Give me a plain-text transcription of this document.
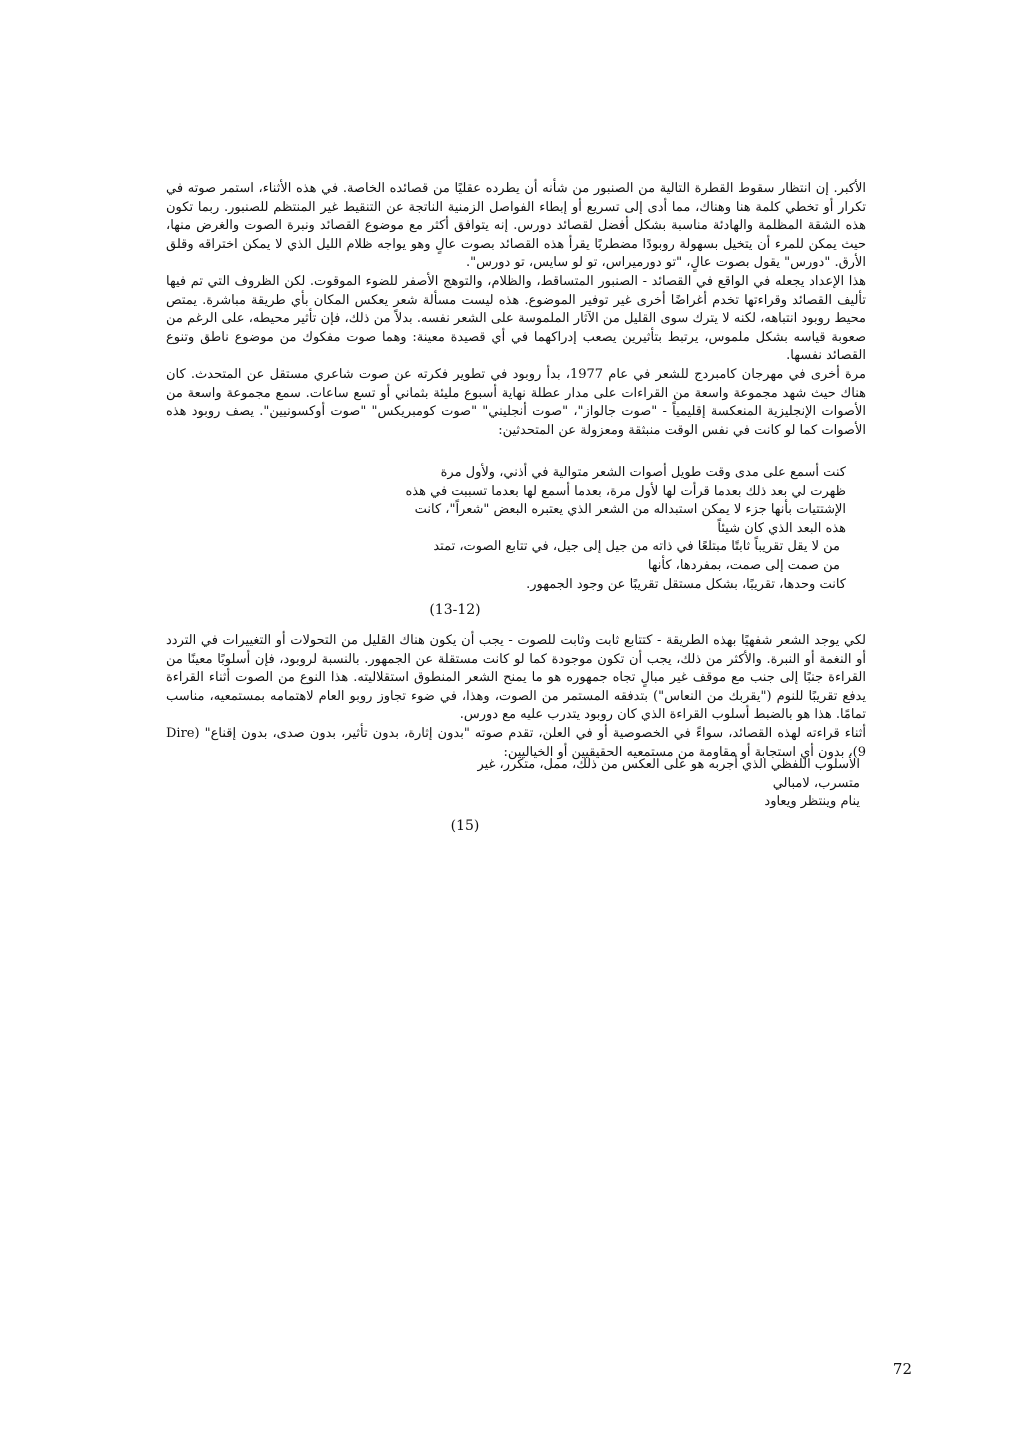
الأكبر. إن انتظار سقوط القطرة التالية من الصنبور من شأنه أن يطرده عقليًا من قصائده الخاصة. في هذه الأثناء، استمر صوته في تكرار أو تخطي كلمة هنا وهناك، مما أدى إلى تسريع أو إبطاء الفواصل الزمنية الناتجة عن التنقيط غير المنتظم للصنبور. ربما تكون هذه الشقة المظلمة والهادئة مناسبة بشكل أفضل لقصائد دورس. إنه يتوافق أكثر مع موضوع القصائد ونبرة الصوت والغرض منها، حيث يمكن للمرء أن يتخيل بسهولة روبودًا مضطربًا يقرأ هذه القصائد بصوت عالٍ وهو يواجه ظلام الليل الذي لا يمكن اختراقه وقلق الأرق. "دورس" يقول بصوت عالٍ، "تو دورميراس، تو لو سايس، تو دورس".

هذا الإعداد يجعله في الواقع في القصائد - الصنبور المتساقط، والظلام، والتوهج الأصفر للضوء الموقوت. لكن الظروف التي تم فيها تأليف القصائد وقراءتها تخدم أغراضًا أخرى غير توفير الموضوع. هذه ليست مسألة شعر يعكس المكان بأي طريقة مباشرة. يمتص محيط روبود انتباهه، لكنه لا يترك سوى القليل من الآثار الملموسة على الشعر نفسه. بدلاً من ذلك، فإن تأثير محيطه، على الرغم من صعوبة قياسه بشكل ملموس، يرتبط بتأثيرين يصعب إدراكهما في أي قصيدة معينة: وهما صوت مفكوك من موضوع ناطق وتنوع القصائد نفسها.

مرة أخرى في مهرجان كامبردج للشعر في عام 1977، بدأ روبود في تطوير فكرته عن صوت شاعري مستقل عن المتحدث. كان هناك حيث شهد مجموعة واسعة من القراءات على مدار عطلة نهاية أسبوع مليئة بثماني أو تسع ساعات. سمع مجموعة واسعة من الأصوات الإنجليزية المنعكسة إقليمياً - "صوت جالواز"، "صوت أنجليني" "صوت كومبريكس" "صوت أوكسونيين". يصف روبود هذه الأصوات كما لو كانت في نفس الوقت منبثقة ومعزولة عن المتحدثين:

كنت أسمع على مدى وقت طويل أصوات الشعر متوالية في أذني، ولأول مرة

ظهرت لي بعد ذلك بعدما قرأت لها لأول مرة، بعدما أسمع لها بعدما تسببت في هذه

الإشتتيات بأنها جزء لا يمكن استبداله من الشعر الذي يعتبره البعض "شعراً"، كانت

هذه البعد الذي كان شيئاً

من لا يقل تقريباً ثابتًا مبتلعًا في ذاته من جيل إلى جيل، في تتابع الصوت، تمتد

من صمت إلى صمت، بمفردها، كأنها

كانت وحدها، تقريبًا، بشكل مستقل تقريبًا عن وجود الجمهور.

(13-12)

لكي يوجد الشعر شفهيًا بهذه الطريقة - كتتابع ثابت وثابت للصوت - يجب أن يكون هناك القليل من التحولات أو التغييرات في التردد أو النغمة أو النبرة. والأكثر من ذلك، يجب أن تكون موجودة كما لو كانت مستقلة عن الجمهور. بالنسبة لروبود، فإن أسلوبًا معينًا من القراءة جنبًا إلى جنب مع موقف غير مبالٍ تجاه جمهوره هو ما يمنح الشعر المنطوق استقلاليته. هذا النوع من الصوت أثناء القراءة يدفع تقريبًا للنوم ("يقربك من النعاس") بتدفقه المستمر من الصوت، وهذا، في ضوء تجاوز روبو العام لاهتمامه بمستمعيه، مناسب تمامًا. هذا هو بالضبط أسلوب القراءة الذي كان روبود يتدرب عليه مع دورس.

أثناء قراءته لهذه القصائد، سواءً في الخصوصية أو في العلن، تقدم صوته "بدون إثارة، بدون تأثير، بدون صدى، بدون إقناع" (Dire 9)، بدون أي استجابة أو مقاومة من مستمعيه الحقيقيين أو الخياليين:

الأسلوب اللفظي الذي أجربه هو على العكس من ذلك، ممل، متكرر، غير

متسرب، لامبالي

ينام وينتظر ويعاود

(15)
72
